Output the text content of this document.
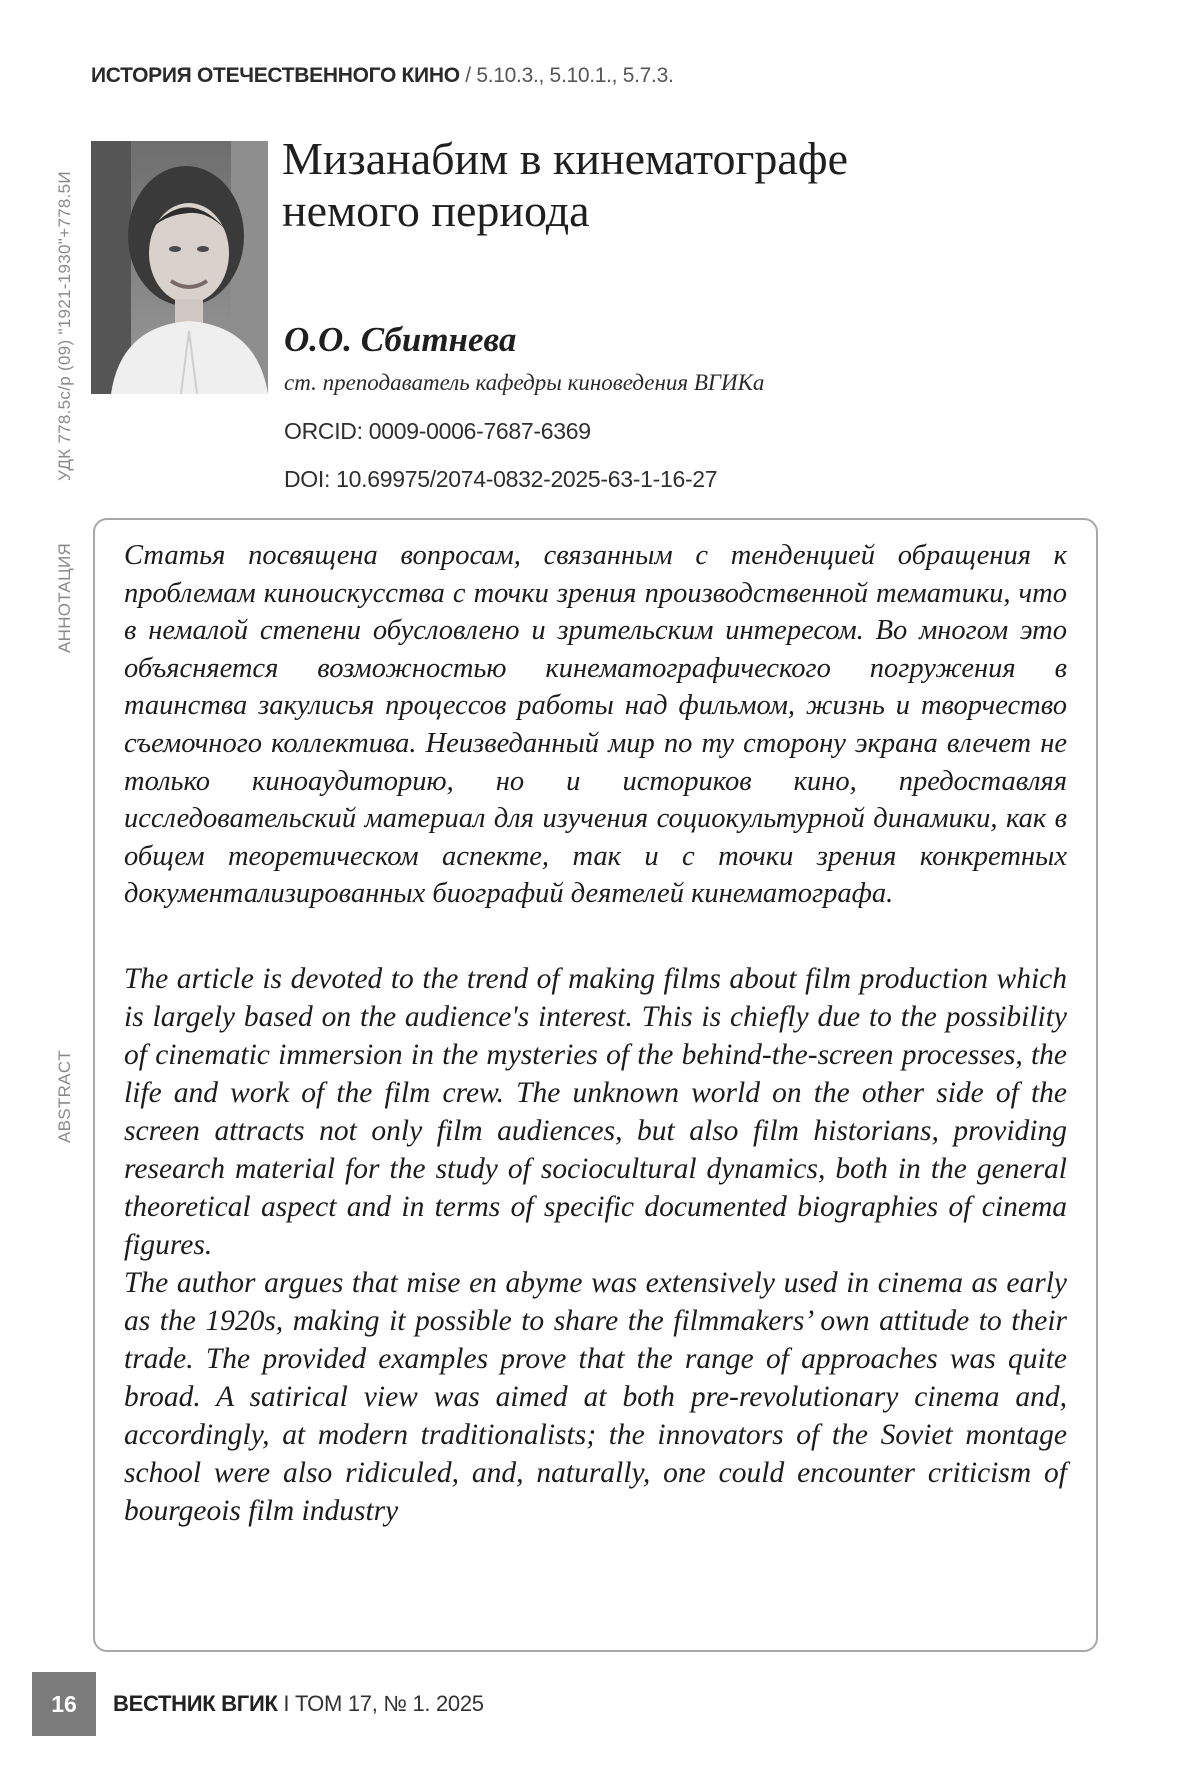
ИСТОРИЯ ОТЕЧЕСТВЕННОГО КИНО / 5.10.3., 5.10.1., 5.7.3.
УДК 778.5с/р (09) "1921-1930"+778.5И
АННОТАЦИЯ
ABSTRACT
Мизанабим в кинематографе
немого периода
О.О. Сбитнева
ст. преподаватель кафедры киноведения ВГИКа
ORCID: 0009-0006-7687-6369
DOI: 10.69975/2074-0832-2025-63-1-16-27

Статья посвящена вопросам, связанным с тенденцией обращения к проблемам киноискусства с точки зрения производственной тематики, что в немалой степени обусловлено и зрительским интересом. Во многом это объясняется возможностью кинематографического погружения в таинства закулисья процессов работы над фильмом, жизнь и творчество съемочного коллектива. Неизведанный мир по ту сторону экрана влечет не только киноаудиторию, но и историков кино, предоставляя исследовательский материал для изучения социокультурной динамики, как в общем теоретическом аспекте, так и с точки зрения конкретных документализированных биографий деятелей кинематографа.

The article is devoted to the trend of making films about film production which is largely based on the audience's interest. This is chiefly due to the possibility of cinematic immersion in the mysteries of the behind-the-screen processes, the life and work of the film crew. The unknown world on the other side of the screen attracts not only film audiences, but also film historians, providing research material for the study of sociocultural dynamics, both in the general theoretical aspect and in terms of specific documented biographies of cinema figures.

The author argues that mise en abyme was extensively used in cinema as early as the 1920s, making it possible to share the filmmakers’ own attitude to their trade. The provided examples prove that the range of approaches was quite broad. A satirical view was aimed at both pre-revolutionary cinema and, accordingly, at modern traditionalists; the innovators of the Soviet montage school were also ridiculed, and, naturally, one could encounter criticism of bourgeois film industry

16	ВЕСТНИК ВГИК I ТОМ 17, № 1. 2025
